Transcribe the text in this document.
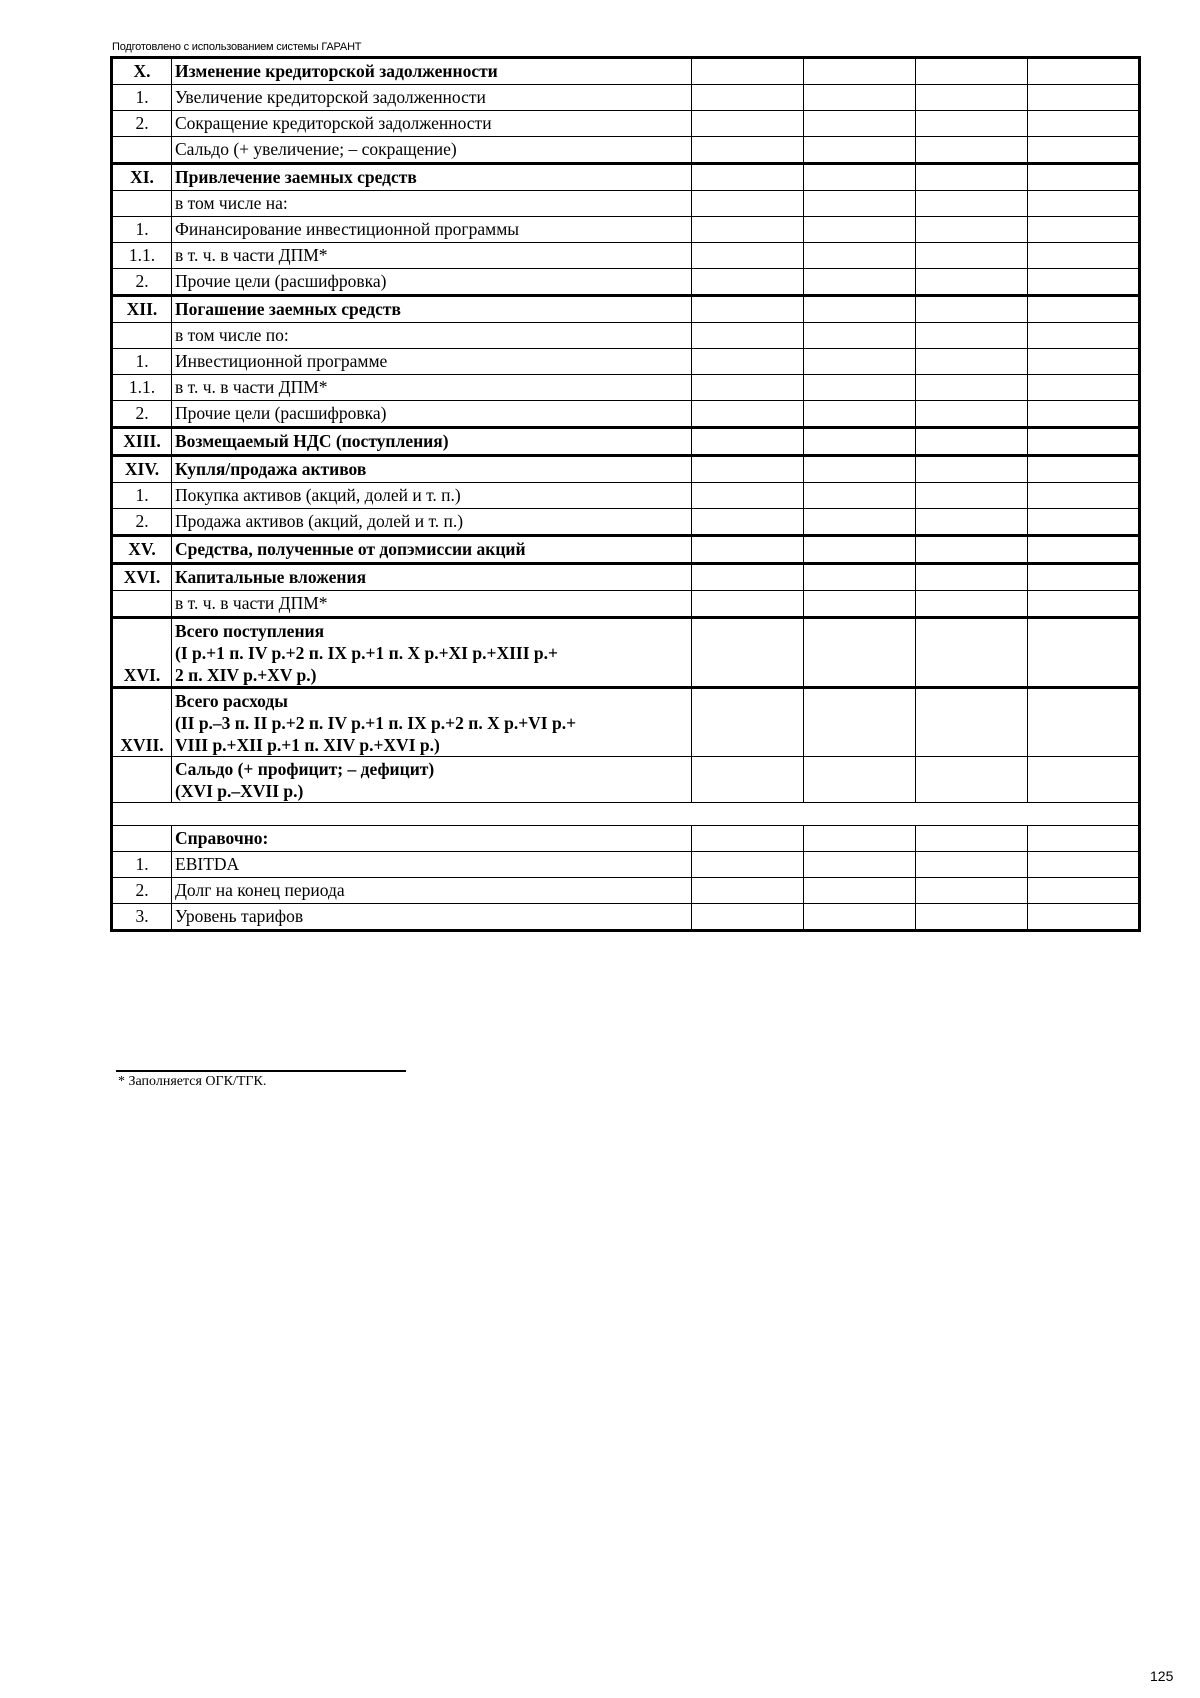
Подготовлено с использованием системы ГАРАНТ
X.	Изменение кредиторской задолженности				

1.	Увеличение кредиторской задолженности				

2.	Сокращение кредиторской задолженности				

	Сальдо (+ увеличение; – сокращение)				

XI.	Привлечение заемных средств				

	в том числе на:				

1.	Финансирование инвестиционной программы				

1.1.	в т. ч. в части ДПМ*				

2.	Прочие цели (расшифровка)				

XII.	Погашение заемных средств				

	в том числе по:				

1.	Инвестиционной программе				

1.1.	в т. ч. в части ДПМ*				

2.	Прочие цели (расшифровка)				

XIII.	Возмещаемый НДС (поступления)				

XIV.	Купля/продажа активов				

1.	Покупка активов (акций, долей и т. п.)				

2.	Продажа активов (акций, долей и т. п.)				

XV.	Средства, полученные от допэмиссии акций				

XVI.	Капитальные вложения				

	в т. ч. в части ДПМ*				

XVI.	Всего поступления
(I р.+1 п. IV р.+2 п. IX р.+1 п. X р.+XI р.+XIII р.+
2 п. XIV р.+XV р.)				

XVII.	Всего расходы
(II р.–3 п. II р.+2 п. IV р.+1 п. IX р.+2 п. X р.+VI р.+
VIII р.+XII р.+1 п. XIV р.+XVI р.)				

	Сальдо (+ профицит; – дефицит)
(XVI р.–XVII р.)				

	Справочно:				

1.	EBITDA				

2.	Долг на конец периода				

3.	Уровень тарифов				

* Заполняется ОГК/ТГК.
125
